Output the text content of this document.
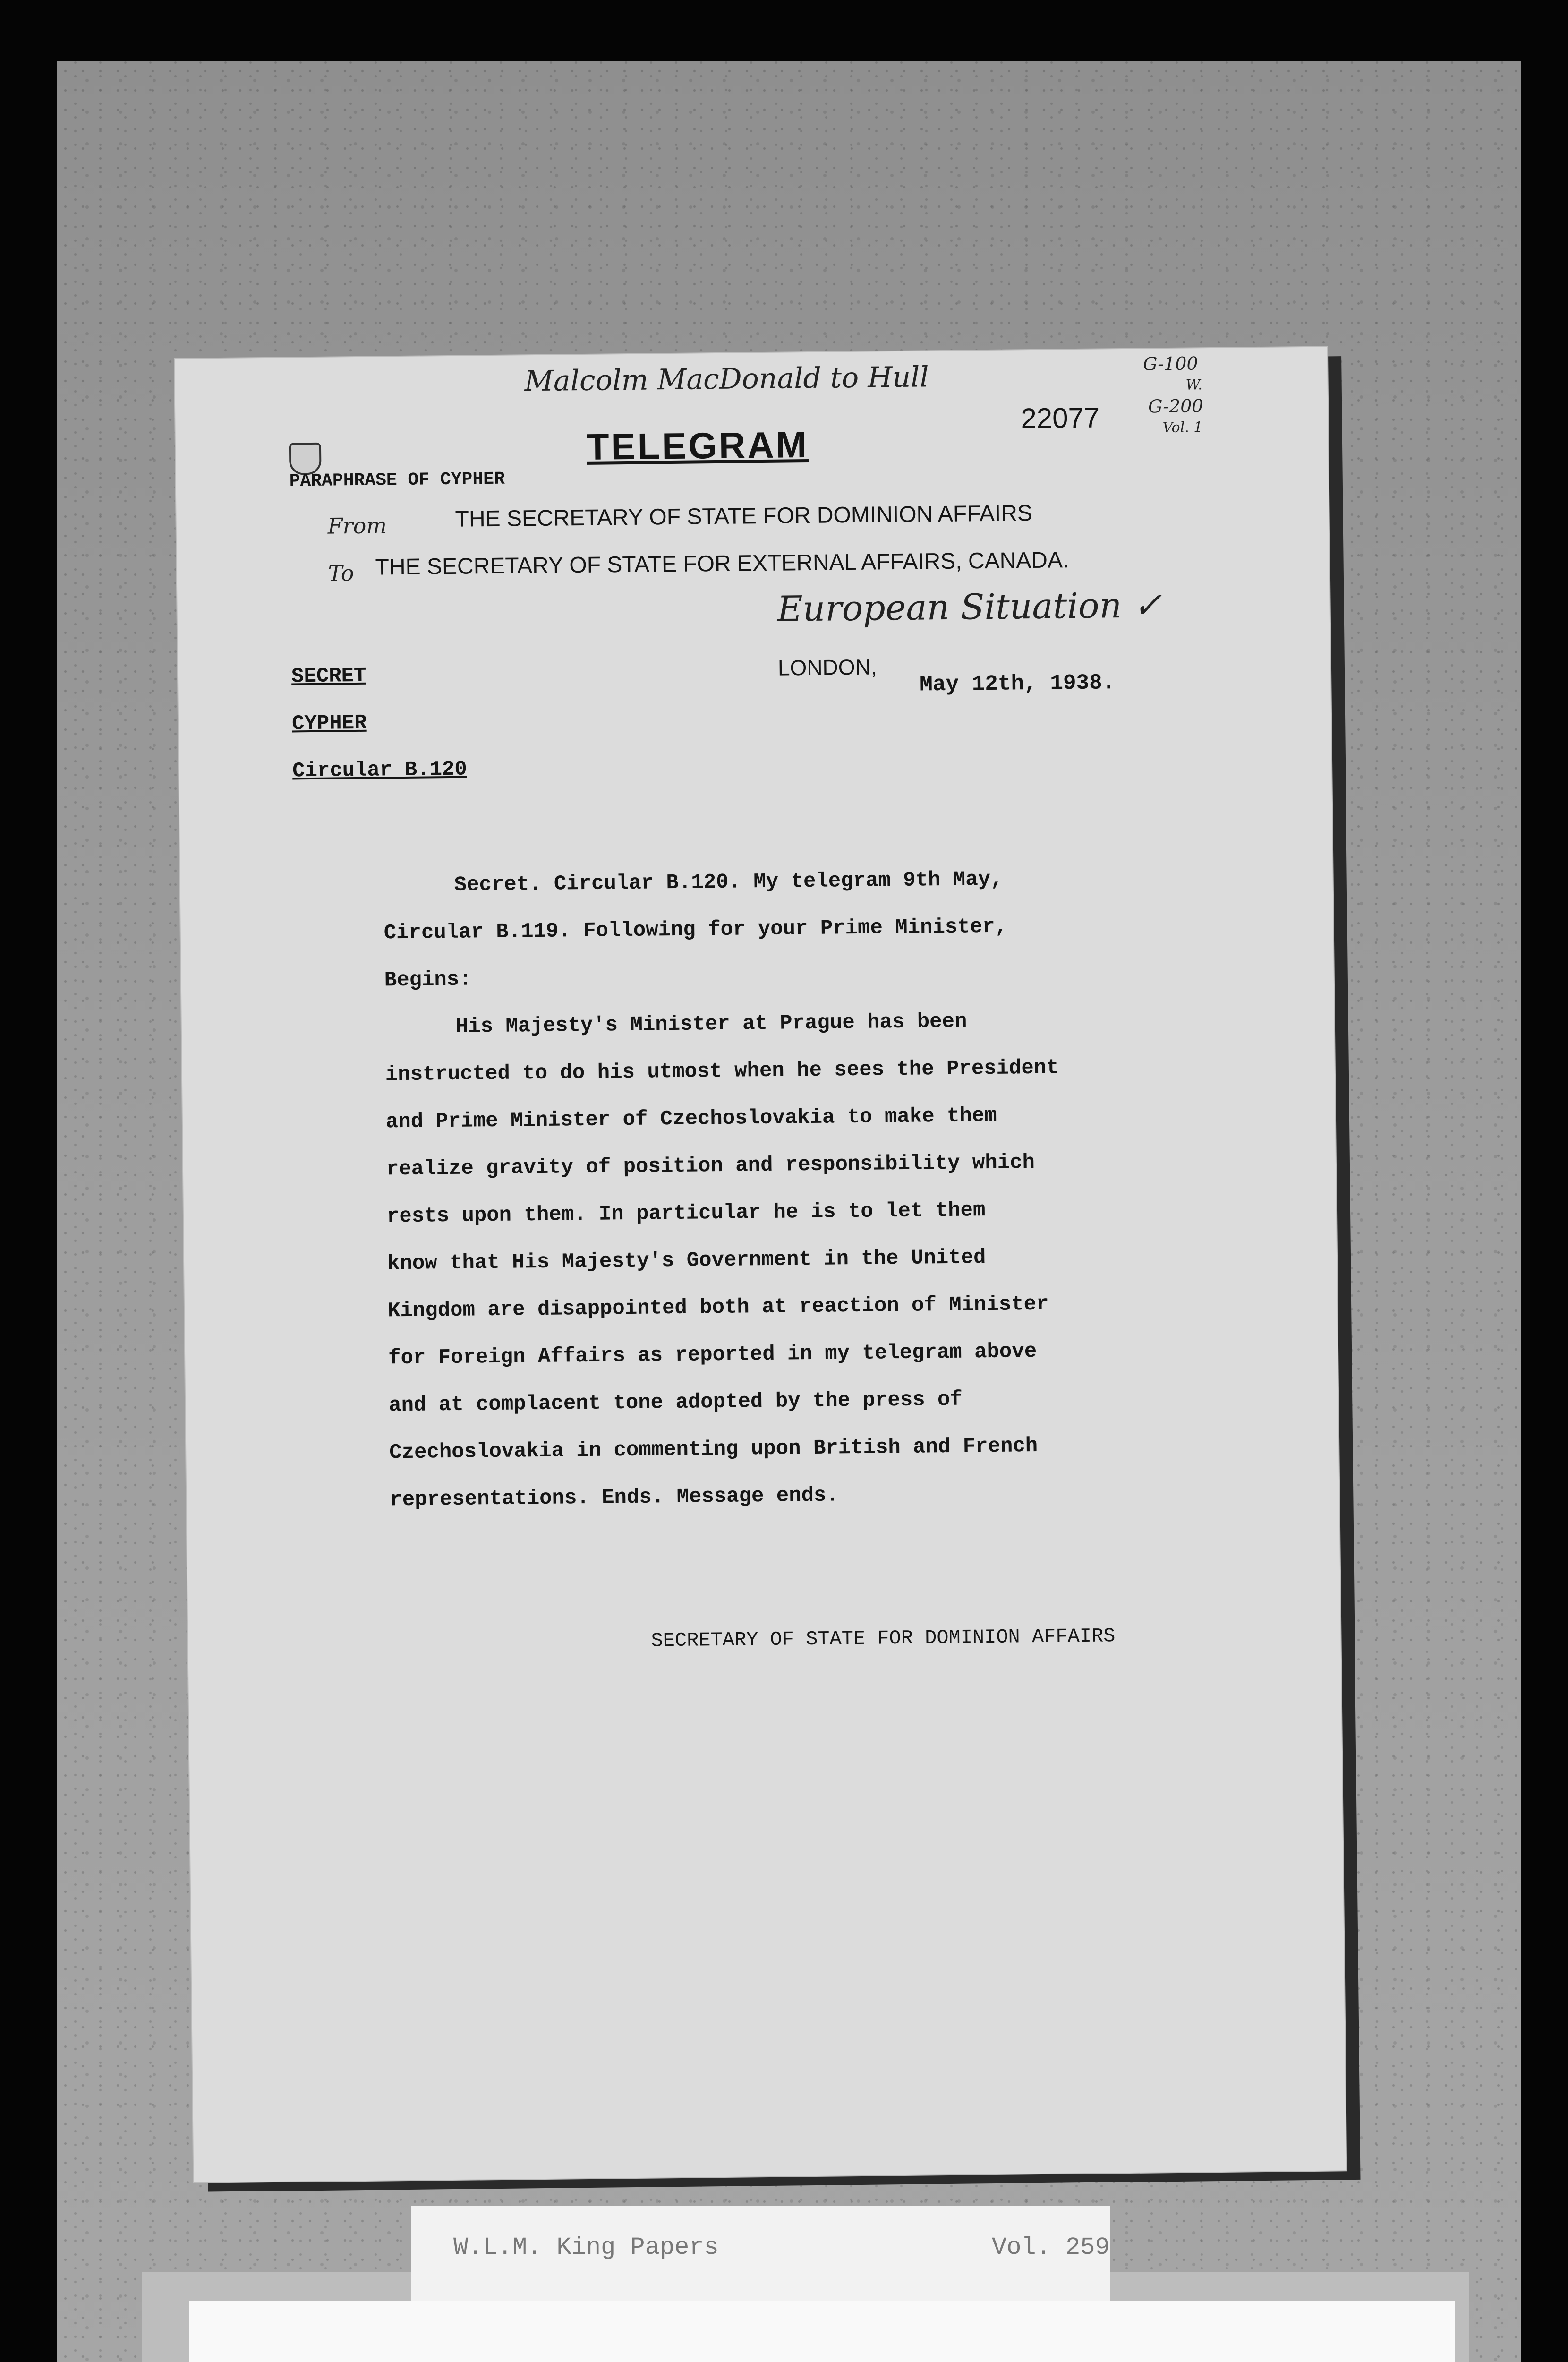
Malcolm MacDonald to Hull	G-100
W.
G-200
Vol. 1
22077
TELEGRAM
PARAPHRASE OF CYPHER
From	THE SECRETARY OF STATE FOR DOMINION AFFAIRS
To THE SECRETARY OF STATE FOR EXTERNAL AFFAIRS, CANADA.
European Situation ✓
SECRET
CYPHER
Circular B.120
LONDON,
May 12th, 1938.

Secret. Circular B.120. My telegram 9th May,

Circular B.119. Following for your Prime Minister,

Begins:

His Majesty's Minister at Prague has been

instructed to do his utmost when he sees the President

and Prime Minister of Czechoslovakia to make them

realize gravity of position and responsibility which

rests upon them. In particular he is to let them

know that His Majesty's Government in the United

Kingdom are disappointed both at reaction of Minister

for Foreign Affairs as reported in my telegram above

and at complacent tone adopted by the press of

Czechoslovakia in commenting upon British and French

representations. Ends. Message ends.

SECRETARY OF STATE FOR DOMINION AFFAIRS
W.L.M. King Papers	Vol. 259
